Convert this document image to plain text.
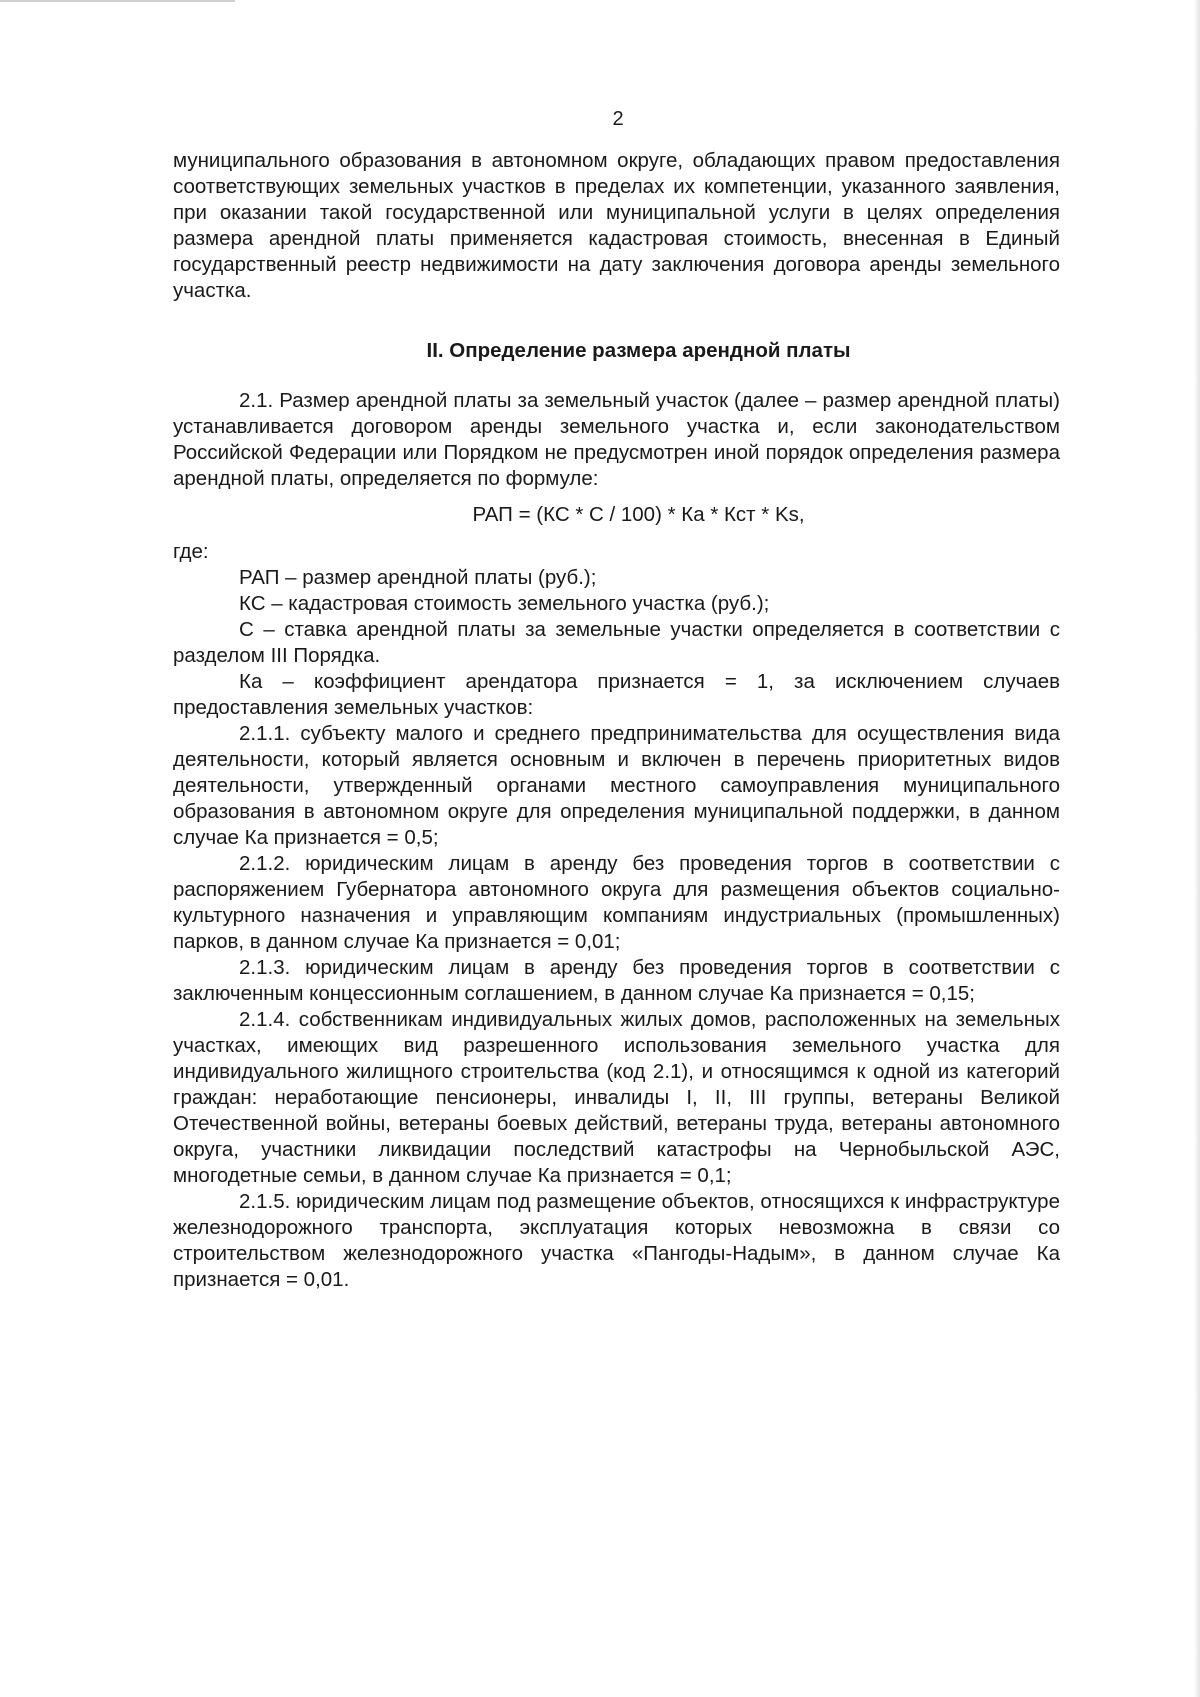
2

муниципального образования в автономном округе, обладающих правом предоставления соответствующих земельных участков в пределах их компетенции, указанного заявления, при оказании такой государственной или муниципальной услуги в целях определения размера арендной платы применяется кадастровая стоимость, внесенная в Единый государственный реестр недвижимости на дату заключения договора аренды земельного участка.

II. Определение размера арендной платы

2.1. Размер арендной платы за земельный участок (далее – размер арендной платы) устанавливается договором аренды земельного участка и, если законодательством Российской Федерации или Порядком не предусмотрен иной порядок определения размера арендной платы, определяется по формуле:

РАП = (КС * С / 100) * Ка * Кст * Ks,

где:

РАП – размер арендной платы (руб.);

КС – кадастровая стоимость земельного участка (руб.);

С – ставка арендной платы за земельные участки определяется в соответствии с разделом III Порядка.

Ка – коэффициент арендатора признается = 1, за исключением случаев предоставления земельных участков:

2.1.1. субъекту малого и среднего предпринимательства для осуществления вида деятельности, который является основным и включен в перечень приоритетных видов деятельности, утвержденный органами местного самоуправления муниципального образования в автономном округе для определения муниципальной поддержки, в данном случае Ка признается = 0,5;

2.1.2. юридическим лицам в аренду без проведения торгов в соответствии с распоряжением Губернатора автономного округа для размещения объектов социально-культурного назначения и управляющим компаниям индустриальных (промышленных) парков, в данном случае Ка признается = 0,01;

2.1.3. юридическим лицам в аренду без проведения торгов в соответствии с заключенным концессионным соглашением, в данном случае Ка признается = 0,15;

2.1.4. собственникам индивидуальных жилых домов, расположенных на земельных участках, имеющих вид разрешенного использования земельного участка для индивидуального жилищного строительства (код 2.1), и относящимся к одной из категорий граждан: неработающие пенсионеры, инвалиды I, II, III группы, ветераны Великой Отечественной войны, ветераны боевых действий, ветераны труда, ветераны автономного округа, участники ликвидации последствий катастрофы на Чернобыльской АЭС, многодетные семьи, в данном случае Ка признается = 0,1;

2.1.5. юридическим лицам под размещение объектов, относящихся к инфраструктуре железнодорожного транспорта, эксплуатация которых невозможна в связи со строительством железнодорожного участка «Пангоды-Надым», в данном случае Ка признается = 0,01.
